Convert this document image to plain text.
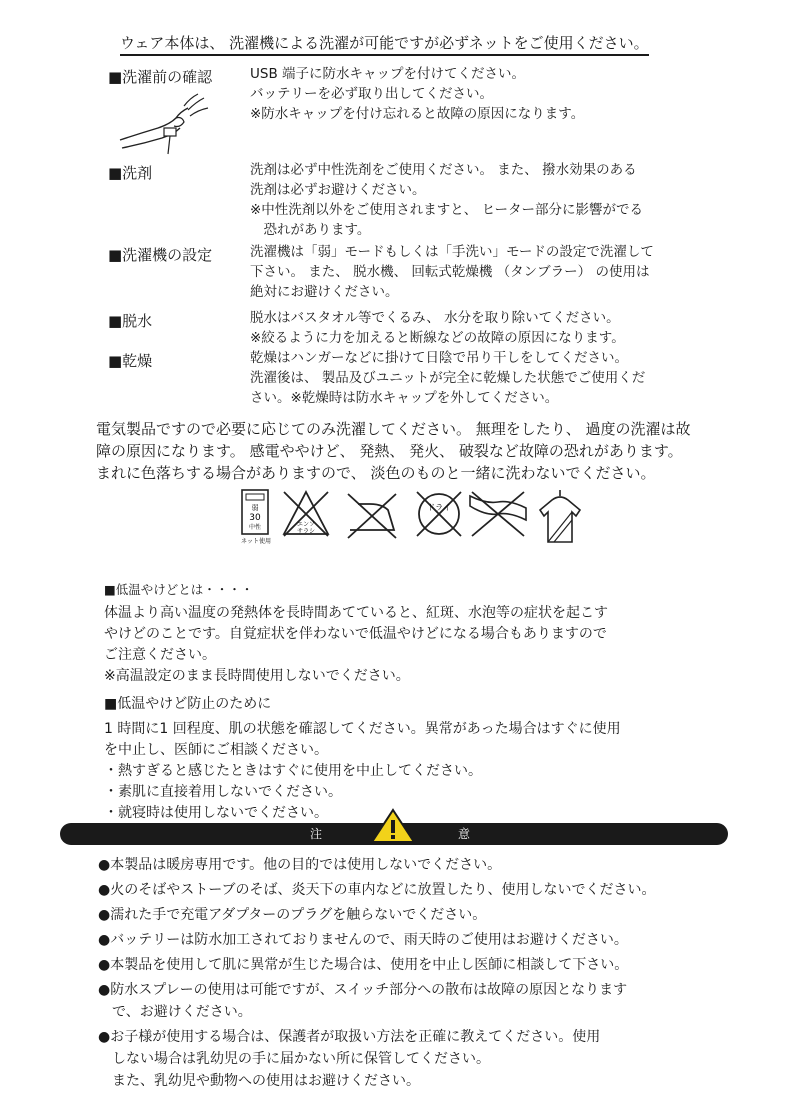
ウェア本体は、 洗濯機による洗濯が可能ですが必ずネットをご使用ください。
■洗濯前の確認	USB 端子に防水キャップを付けてください。
バッテリーを必ず取り出してください。
※防水キャップを付け忘れると故障の原因になります。
■洗剤	洗剤は必ず中性洗剤をご使用ください。 また、 撥水効果のある
洗剤は必ずお避けください。
※中性洗剤以外をご使用されますと、 ヒーター部分に影響がでる
　恐れがあります。
■洗濯機の設定	洗濯機は「弱」モードもしくは「手洗い」モードの設定で洗濯して
下さい。 また、 脱水機、 回転式乾燥機 （タンブラー） の使用は
絶対にお避けください。
■脱水	脱水はバスタオル等でくるみ、 水分を取り除いてください。
※絞るように力を加えると断線などの故障の原因になります。
■乾燥	乾燥はハンガーなどに掛けて日陰で吊り干しをしてください。
洗濯後は、 製品及びユニットが完全に乾燥した状態でご使用くだ
さい。※乾燥時は防水キャップを外してください。
電気製品ですので必要に応じてのみ洗濯してください。 無理をしたり、 過度の洗濯は故
障の原因になります。 感電ややけど、 発熱、 発火、 破裂など故障の恐れがあります。
まれに色落ちする場合がありますので、 淡色のものと一緒に洗わないでください。
弱
30
中性
ネット使用
エンソ
サラシ
ドライ
■低温やけどとは・・・・
体温より高い温度の発熱体を長時間あてていると、紅斑、水泡等の症状を起こす
やけどのことです。自覚症状を伴わないで低温やけどになる場合もありますので
ご注意ください。
※高温設定のまま長時間使用しないでください。
■低温やけど防止のために
1 時間に1 回程度、肌の状態を確認してください。異常があった場合はすぐに使用
を中止し、医師にご相談ください。
・熱すぎると感じたときはすぐに使用を中止してください。
・素肌に直接着用しないでください。
・就寝時は使用しないでください。
注	意
●本製品は暖房専用です。他の目的では使用しないでください。
●火のそばやストーブのそば、炎天下の車内などに放置したり、使用しないでください。
●濡れた手で充電アダプターのプラグを触らないでください。
●バッテリーは防水加工されておりませんので、雨天時のご使用はお避けください。
●本製品を使用して肌に異常が生じた場合は、使用を中止し医師に相談して下さい。
●防水スプレーの使用は可能ですが、スイッチ部分への散布は故障の原因となります
　で、お避けください。
●お子様が使用する場合は、保護者が取扱い方法を正確に教えてください。使用
　しない場合は乳幼児の手に届かない所に保管してください。
　また、乳幼児や動物への使用はお避けください。
